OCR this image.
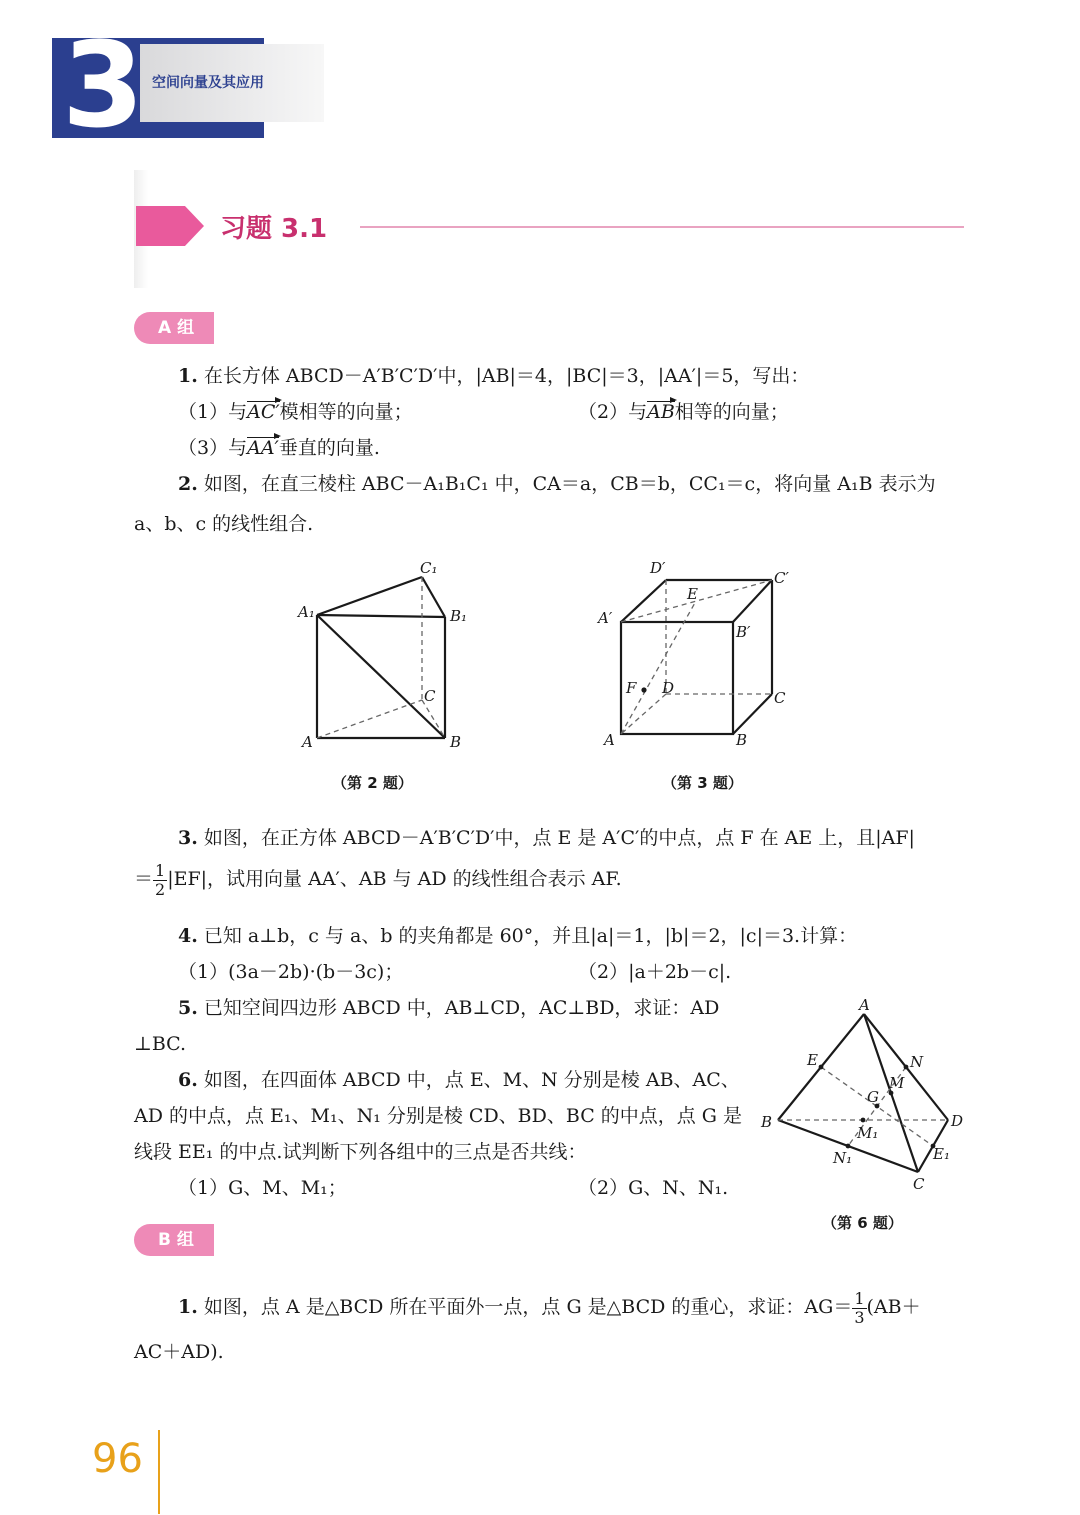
3 空间向量及其应用
习题 3.1
A 组
1. 在长方体 ABCD－A′B′C′D′中，|AB|＝4，|BC|＝3，|AA′|＝5，写出：
（1）与AC′模相等的向量；	（2）与AB相等的向量；
（3）与AA′垂直的向量.
2. 如图，在直三棱柱 ABC－A₁B₁C₁ 中，CA＝a，CB＝b，CC₁＝c，将向量 A₁B 表示为
a、b、c 的线性组合.
A₁	B₁
C₁
A	B
C
（第 2 题）
A′
B′
C′
D′
A	B
C
D
E
F
（第 3 题）
3. 如图，在正方体 ABCD－A′B′C′D′中，点 E 是 A′C′的中点，点 F 在 AE 上，且|AF|
＝ $\frac{1}{2} |EF|$，试用向量 AA′、AB 与 AD 的线性组合表示 AF.
4. 已知 a⊥b，c 与 a、b 的夹角都是 60°，并且|a|＝1，|b|＝2，|c|＝3.计算：
（1）(3a－2b)·(b－3c)；	（2）|a＋2b－c|.
5. 已知空间四边形 ABCD 中，AB⊥CD，AC⊥BD，求证：AD
⊥BC.
6. 如图，在四面体 ABCD 中，点 E、M、N 分别是棱 AB、AC、
AD 的中点，点 E₁、M₁、N₁ 分别是棱 CD、BD、BC 的中点，点 G 是
线段 EE₁ 的中点.试判断下列各组中的三点是否共线：
（1）G、M、M₁；	（2）G、N、N₁.
A
B
C
D
E	N
M
G
E₁
M₁
N₁
（第 6 题）
B 组
1. 如图，点 A 是△BCD 所在平面外一点，点 G 是△BCD 的重心，求证：$AG= \frac{1}{3} (AB+$
AC＋AD).
96
